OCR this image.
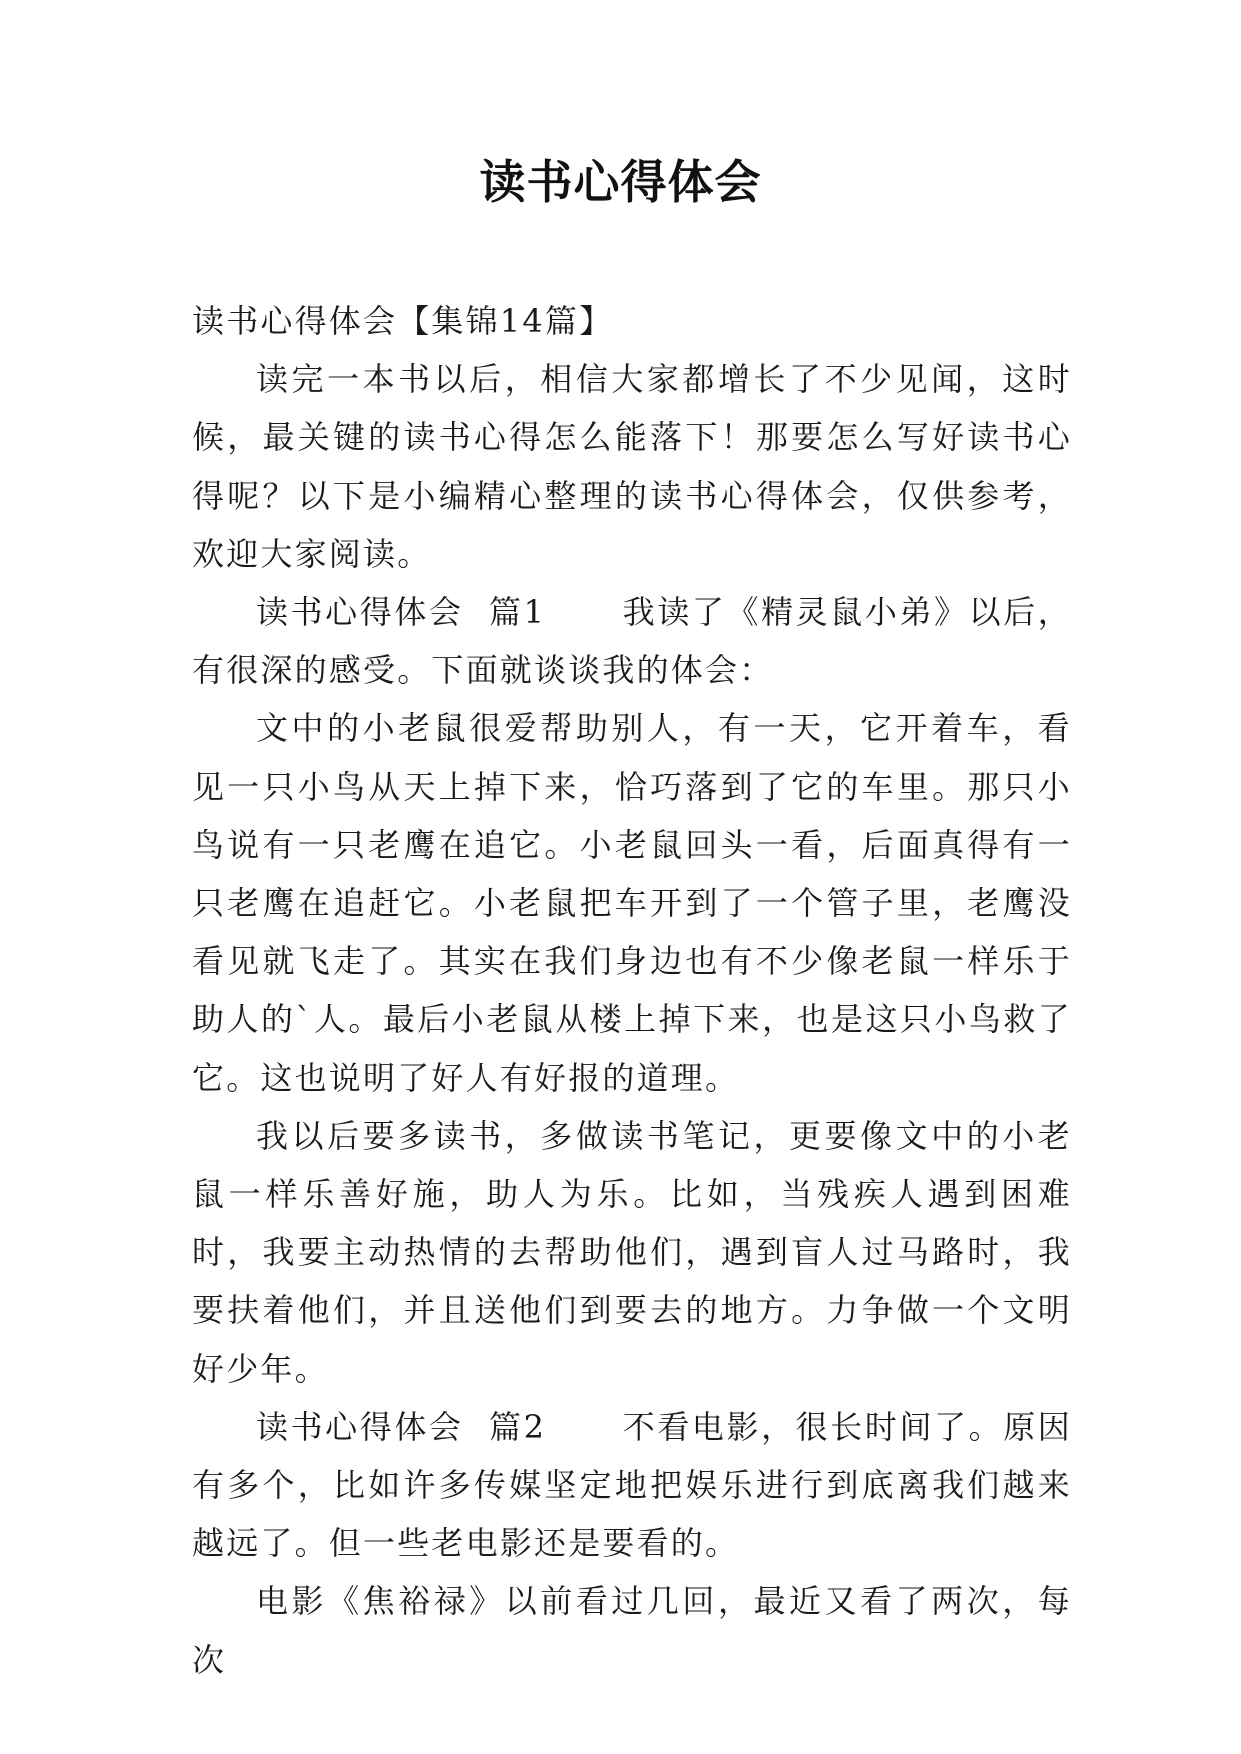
读书心得体会

读书心得体会【集锦14篇】

读完一本书以后，相信大家都增长了不少见闻，这时候，最关键的读书心得怎么能落下！那要怎么写好读书心得呢？以下是小编精心整理的读书心得体会，仅供参考，欢迎大家阅读。

读书心得体会  篇1      我读了《精灵鼠小弟》以后，有很深的感受。下面就谈谈我的体会：

文中的小老鼠很爱帮助别人，有一天，它开着车，看见一只小鸟从天上掉下来，恰巧落到了它的车里。那只小鸟说有一只老鹰在追它。小老鼠回头一看，后面真得有一只老鹰在追赶它。小老鼠把车开到了一个管子里，老鹰没看见就飞走了。其实在我们身边也有不少像老鼠一样乐于助人的`人。最后小老鼠从楼上掉下来，也是这只小鸟救了它。这也说明了好人有好报的道理。

我以后要多读书，多做读书笔记，更要像文中的小老鼠一样乐善好施，助人为乐。比如，当残疾人遇到困难时，我要主动热情的去帮助他们，遇到盲人过马路时，我要扶着他们，并且送他们到要去的地方。力争做一个文明好少年。

读书心得体会  篇2      不看电影，很长时间了。原因有多个，比如许多传媒坚定地把娱乐进行到底离我们越来越远了。但一些老电影还是要看的。

电影《焦裕禄》以前看过几回，最近又看了两次，每次
